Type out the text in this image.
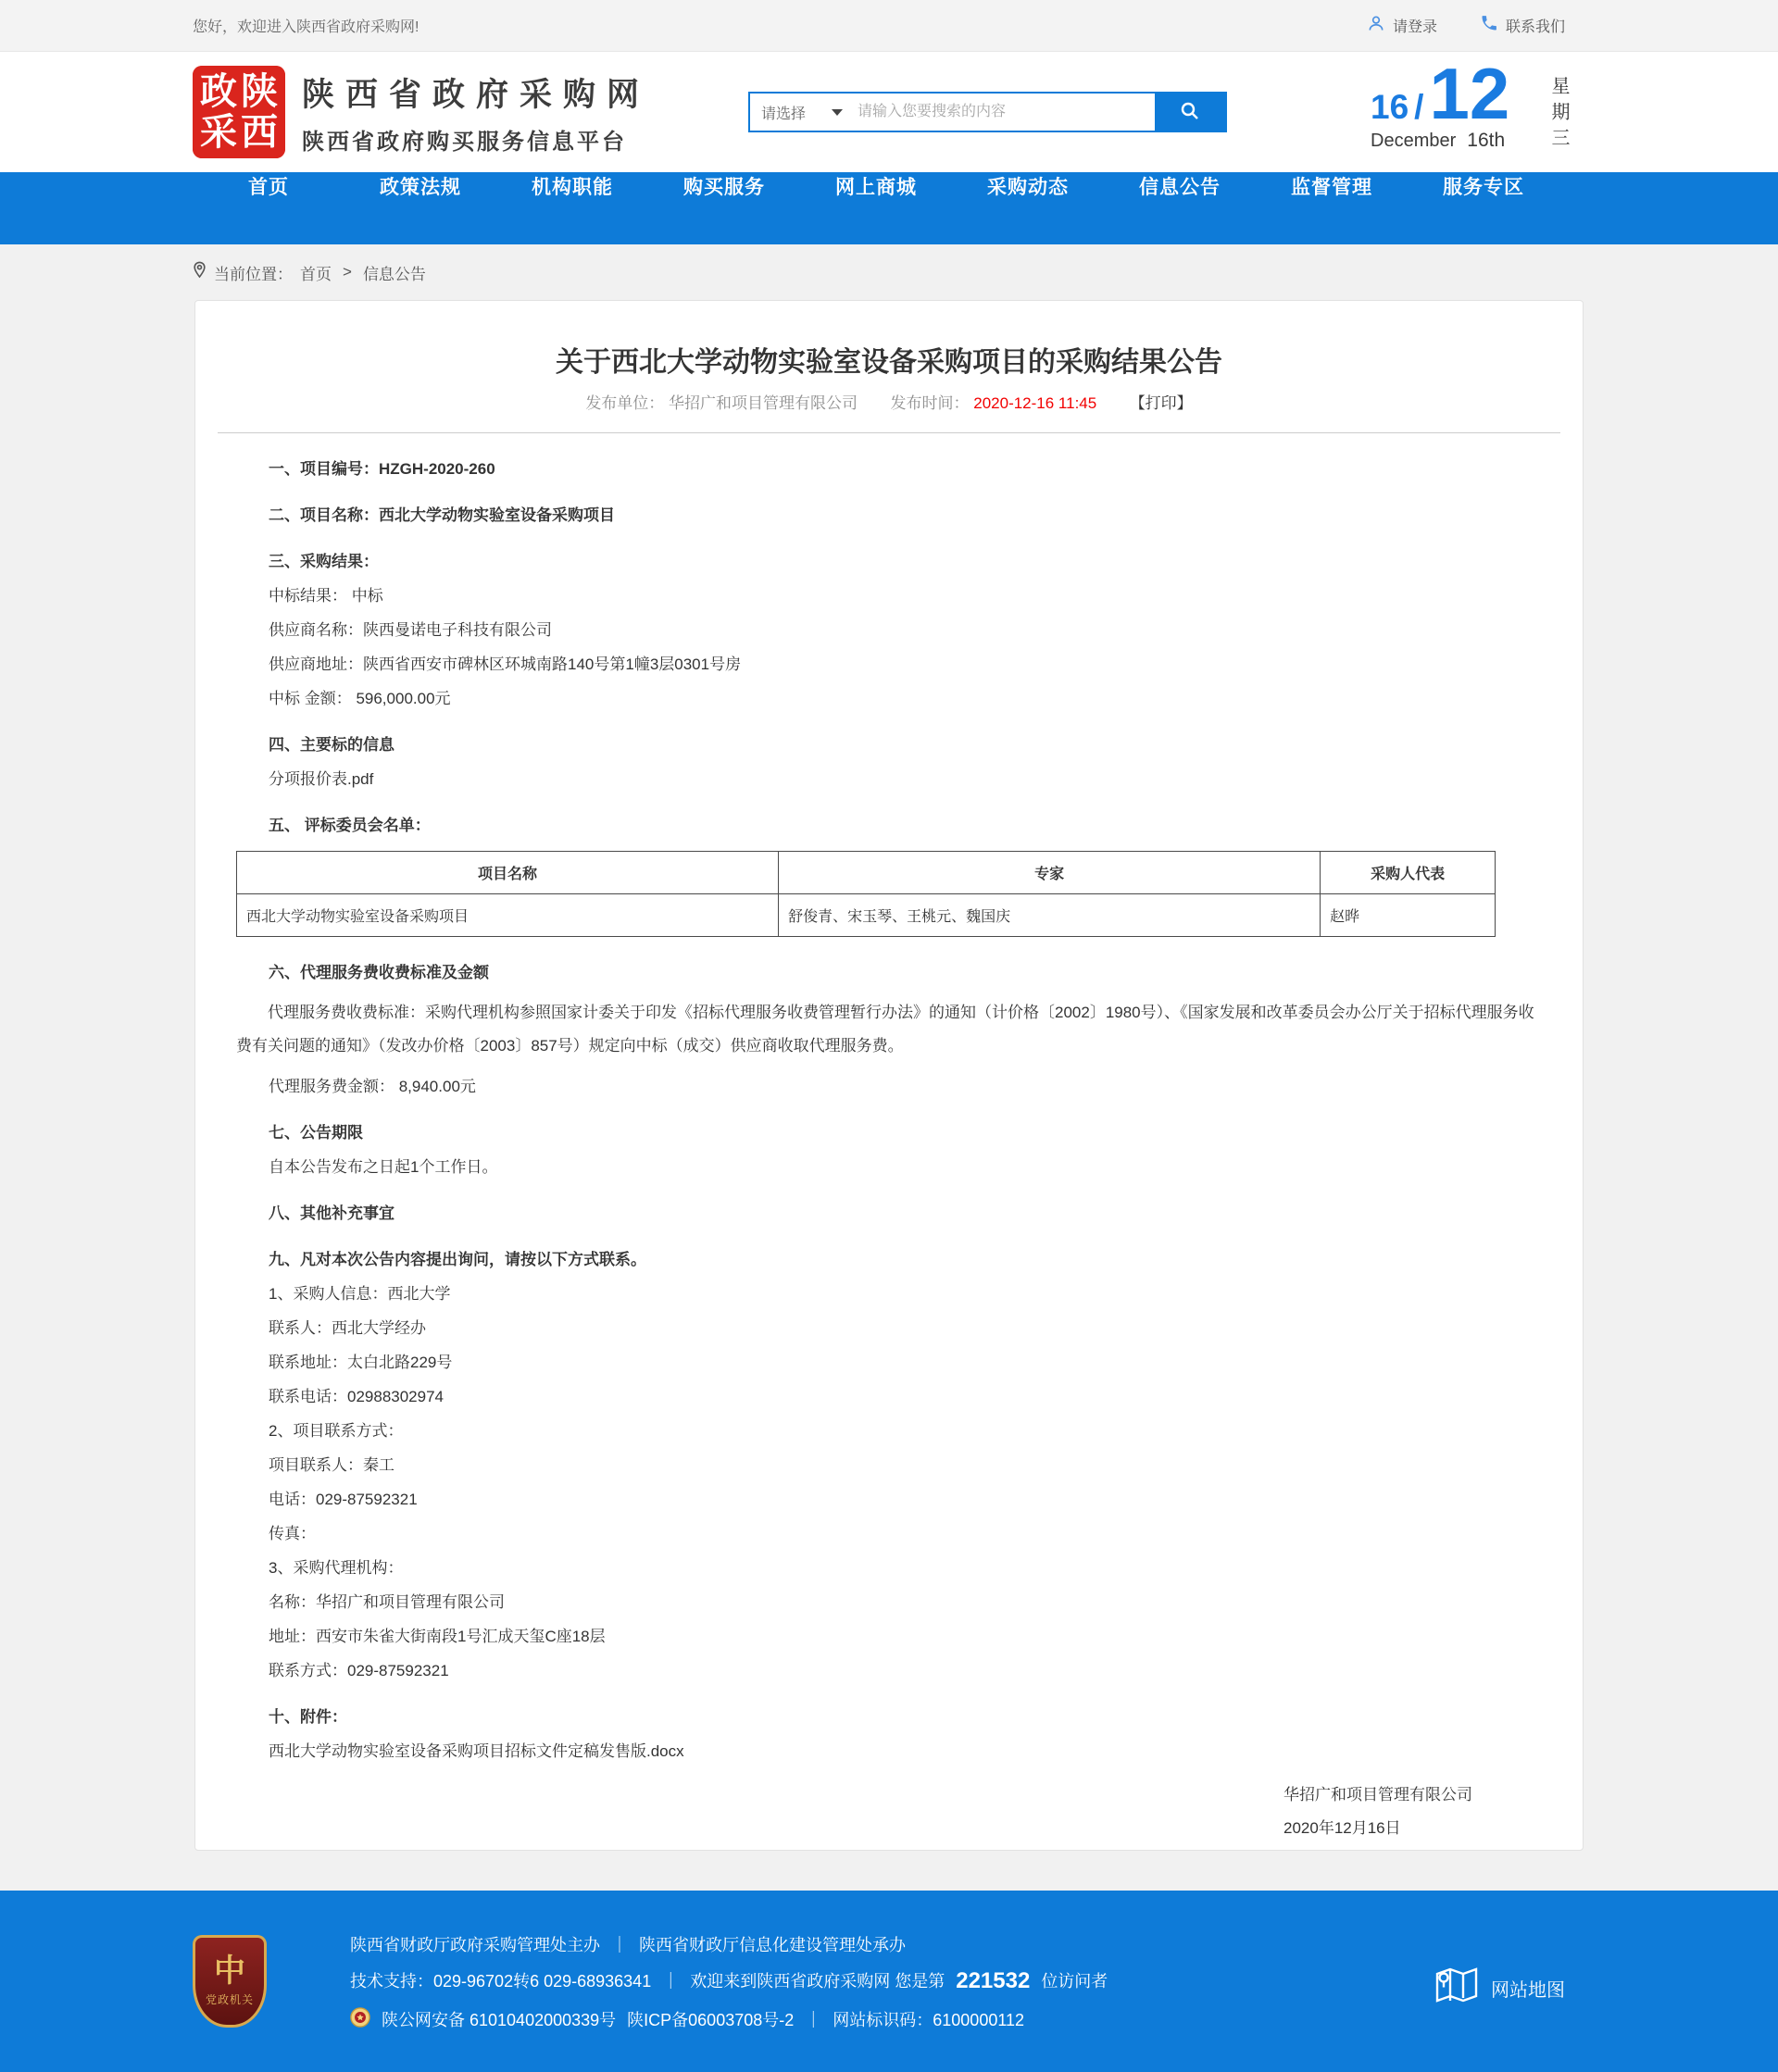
您好，欢迎进入陕西省政府采购网!	请登录	联系我们
政 陕
采 西
陕西省政府采购网
陕西省政府购买服务信息平台
请选择
请输入您要搜索的内容	16 / 12
December 16th 星期三
首页	政策法规	机构职能	购买服务	网上商城	采购动态	信息公告	监督管理	服务专区
当前位置： 首页 > 信息公告
关于西北大学动物实验室设备采购项目的采购结果公告
发布单位： 华招广和项目管理有限公司 发布时间： 2020-12-16 11:45 【打印】

一、项目编号：HZGH-2020-260

二、项目名称：西北大学动物实验室设备采购项目

三、采购结果：

中标结果： 中标

供应商名称：陕西曼诺电子科技有限公司

供应商地址：陕西省西安市碑林区环城南路140号第1幢3层0301号房

中标 金额： 596,000.00元

四、主要标的信息

分项报价表.pdf

五、 评标委员会名单：

项目名称	专家	采购人代表
西北大学动物实验室设备采购项目	舒俊青、宋玉琴、王桃元、魏国庆	赵晔

六、代理服务费收费标准及金额

代理服务费收费标准：采购代理机构参照国家计委关于印发《招标代理服务收费管理暂行办法》的通知（计价格〔2002〕1980号）、《国家发展和改革委员会办公厅关于招标代理服务收费有关问题的通知》（发改办价格〔2003〕857号）规定向中标（成交）供应商收取代理服务费。

代理服务费金额： 8,940.00元

七、公告期限

自本公告发布之日起1个工作日。

八、其他补充事宜

九、凡对本次公告内容提出询问，请按以下方式联系。

1、采购人信息：西北大学

联系人：西北大学经办

联系地址：太白北路229号

联系电话：02988302974

2、项目联系方式：

项目联系人：秦工

电话：029-87592321

传真：

3、采购代理机构：

名称：华招广和项目管理有限公司

地址：西安市朱雀大街南段1号汇成天玺C座18层

联系方式：029-87592321

十、附件：

西北大学动物实验室设备采购项目招标文件定稿发售版.docx

华招广和项目管理有限公司

2020年12月16日

中
党政机关
陕西省财政厅政府采购管理处主办 ｜ 陕西省财政厅信息化建设管理处承办
技术支持：029-96702转6 029-68936341 ｜ 欢迎来到陕西省政府采购网 您是第 221532 位访问者
陕公网安备 61010402000339号 陕ICP备06003708号-2 ｜ 网站标识码：6100000112
网站地图
